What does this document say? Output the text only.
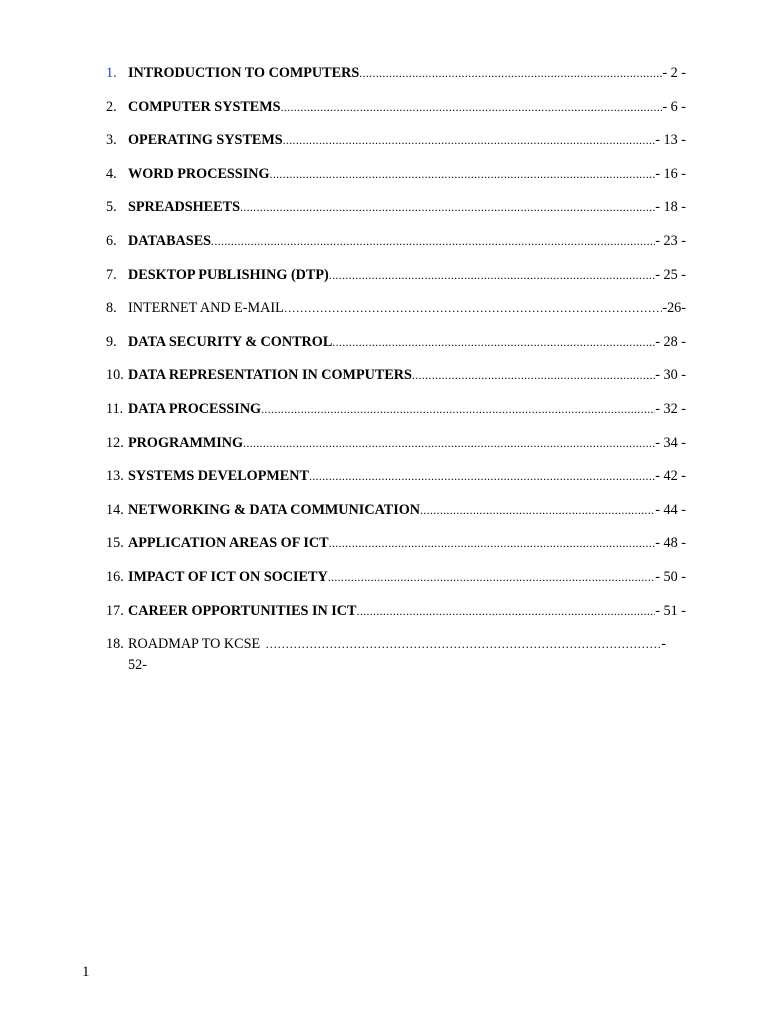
1. INTRODUCTION TO COMPUTERS .....	- 2 -
2. COMPUTER SYSTEMS .....	- 6 -
3. OPERATING SYSTEMS .....	- 13 -
4. WORD PROCESSING .....	- 16 -
5. SPREADSHEETS .....	- 18 -
6. DATABASES .....	- 23 -
7. DESKTOP PUBLISHING (DTP) .....	- 25 -
8. INTERNET AND E-MAIL ………………………………………………………………………………………………………………………………………………………………………………	-26-
9. DATA SECURITY & CONTROL .....	- 28 -
10. DATA REPRESENTATION IN COMPUTERS .....	- 30 -
11. DATA PROCESSING .....	- 32 -
12. PROGRAMMING .....	- 34 -
13. SYSTEMS DEVELOPMENT .....	- 42 -
14. NETWORKING & DATA COMMUNICATION .....	- 44 -
15. APPLICATION AREAS OF ICT .....	- 48 -
16. IMPACT OF ICT ON SOCIETY .....	- 50 -
17. CAREER OPPORTUNITIES IN ICT .....	- 51 -
18. ROADMAP TO KCSE ………………………………………………………………………………………………………………………………………………………………………………	-
52-
1
